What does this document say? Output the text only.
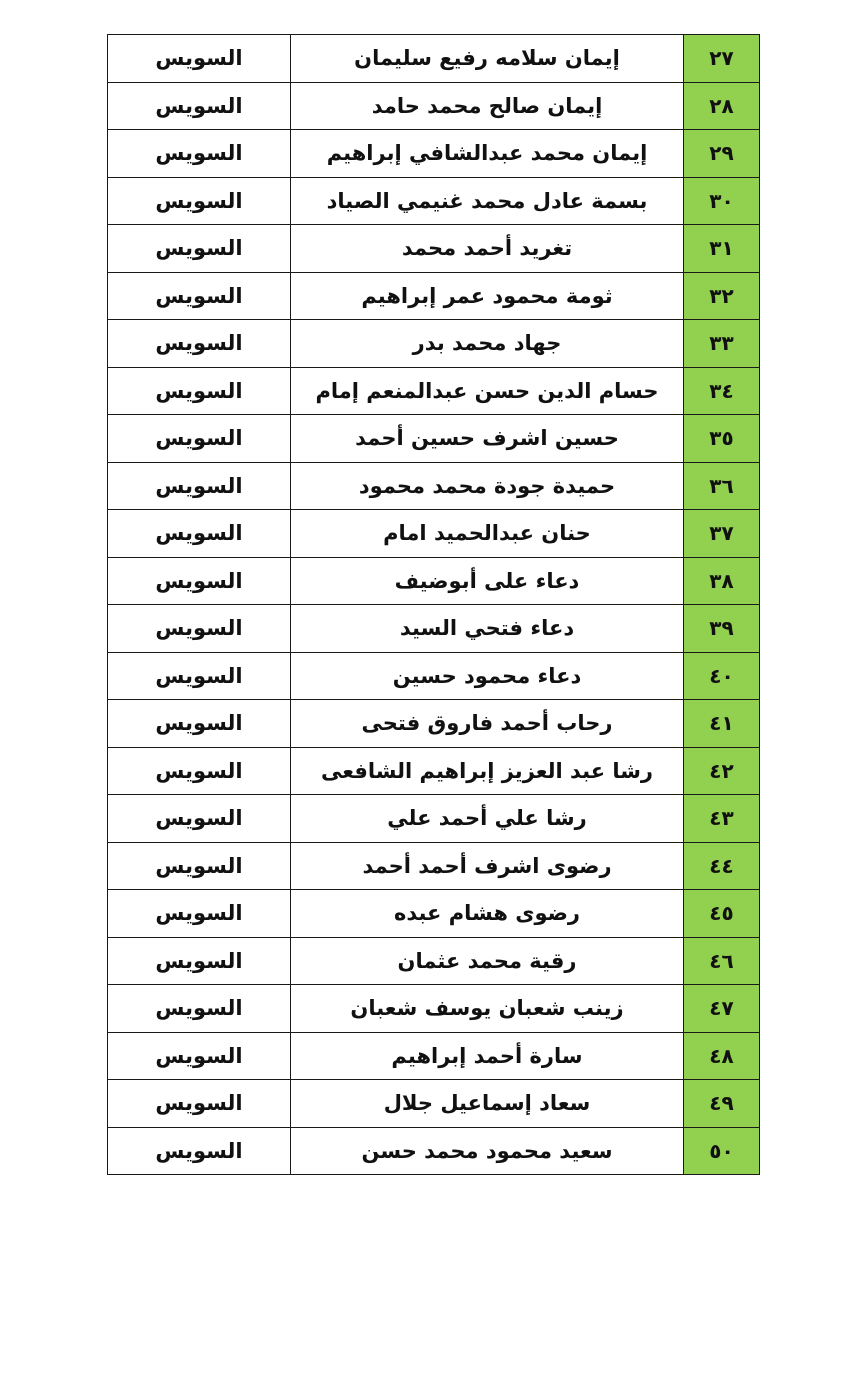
٢٧	إيمان سلامه رفيع سليمان	السويس
٢٨	إيمان صالح محمد حامد	السويس
٢٩	إيمان محمد عبدالشافي إبراهيم	السويس
٣٠	بسمة عادل محمد غنيمي الصياد	السويس
٣١	تغريد أحمد محمد	السويس
٣٢	ثومة محمود عمر إبراهيم	السويس
٣٣	جهاد محمد بدر	السويس
٣٤	حسام الدين حسن عبدالمنعم إمام	السويس
٣٥	حسين اشرف حسين أحمد	السويس
٣٦	حميدة جودة محمد محمود	السويس
٣٧	حنان عبدالحميد امام	السويس
٣٨	دعاء على أبوضيف	السويس
٣٩	دعاء فتحي السيد	السويس
٤٠	دعاء محمود حسين	السويس
٤١	رحاب أحمد فاروق فتحى	السويس
٤٢	رشا عبد العزيز إبراهيم الشافعى	السويس
٤٣	رشا علي أحمد علي	السويس
٤٤	رضوى اشرف أحمد أحمد	السويس
٤٥	رضوى هشام عبده	السويس
٤٦	رقية محمد عثمان	السويس
٤٧	زينب شعبان يوسف شعبان	السويس
٤٨	سارة أحمد إبراهيم	السويس
٤٩	سعاد إسماعيل جلال	السويس
٥٠	سعيد محمود محمد حسن	السويس
